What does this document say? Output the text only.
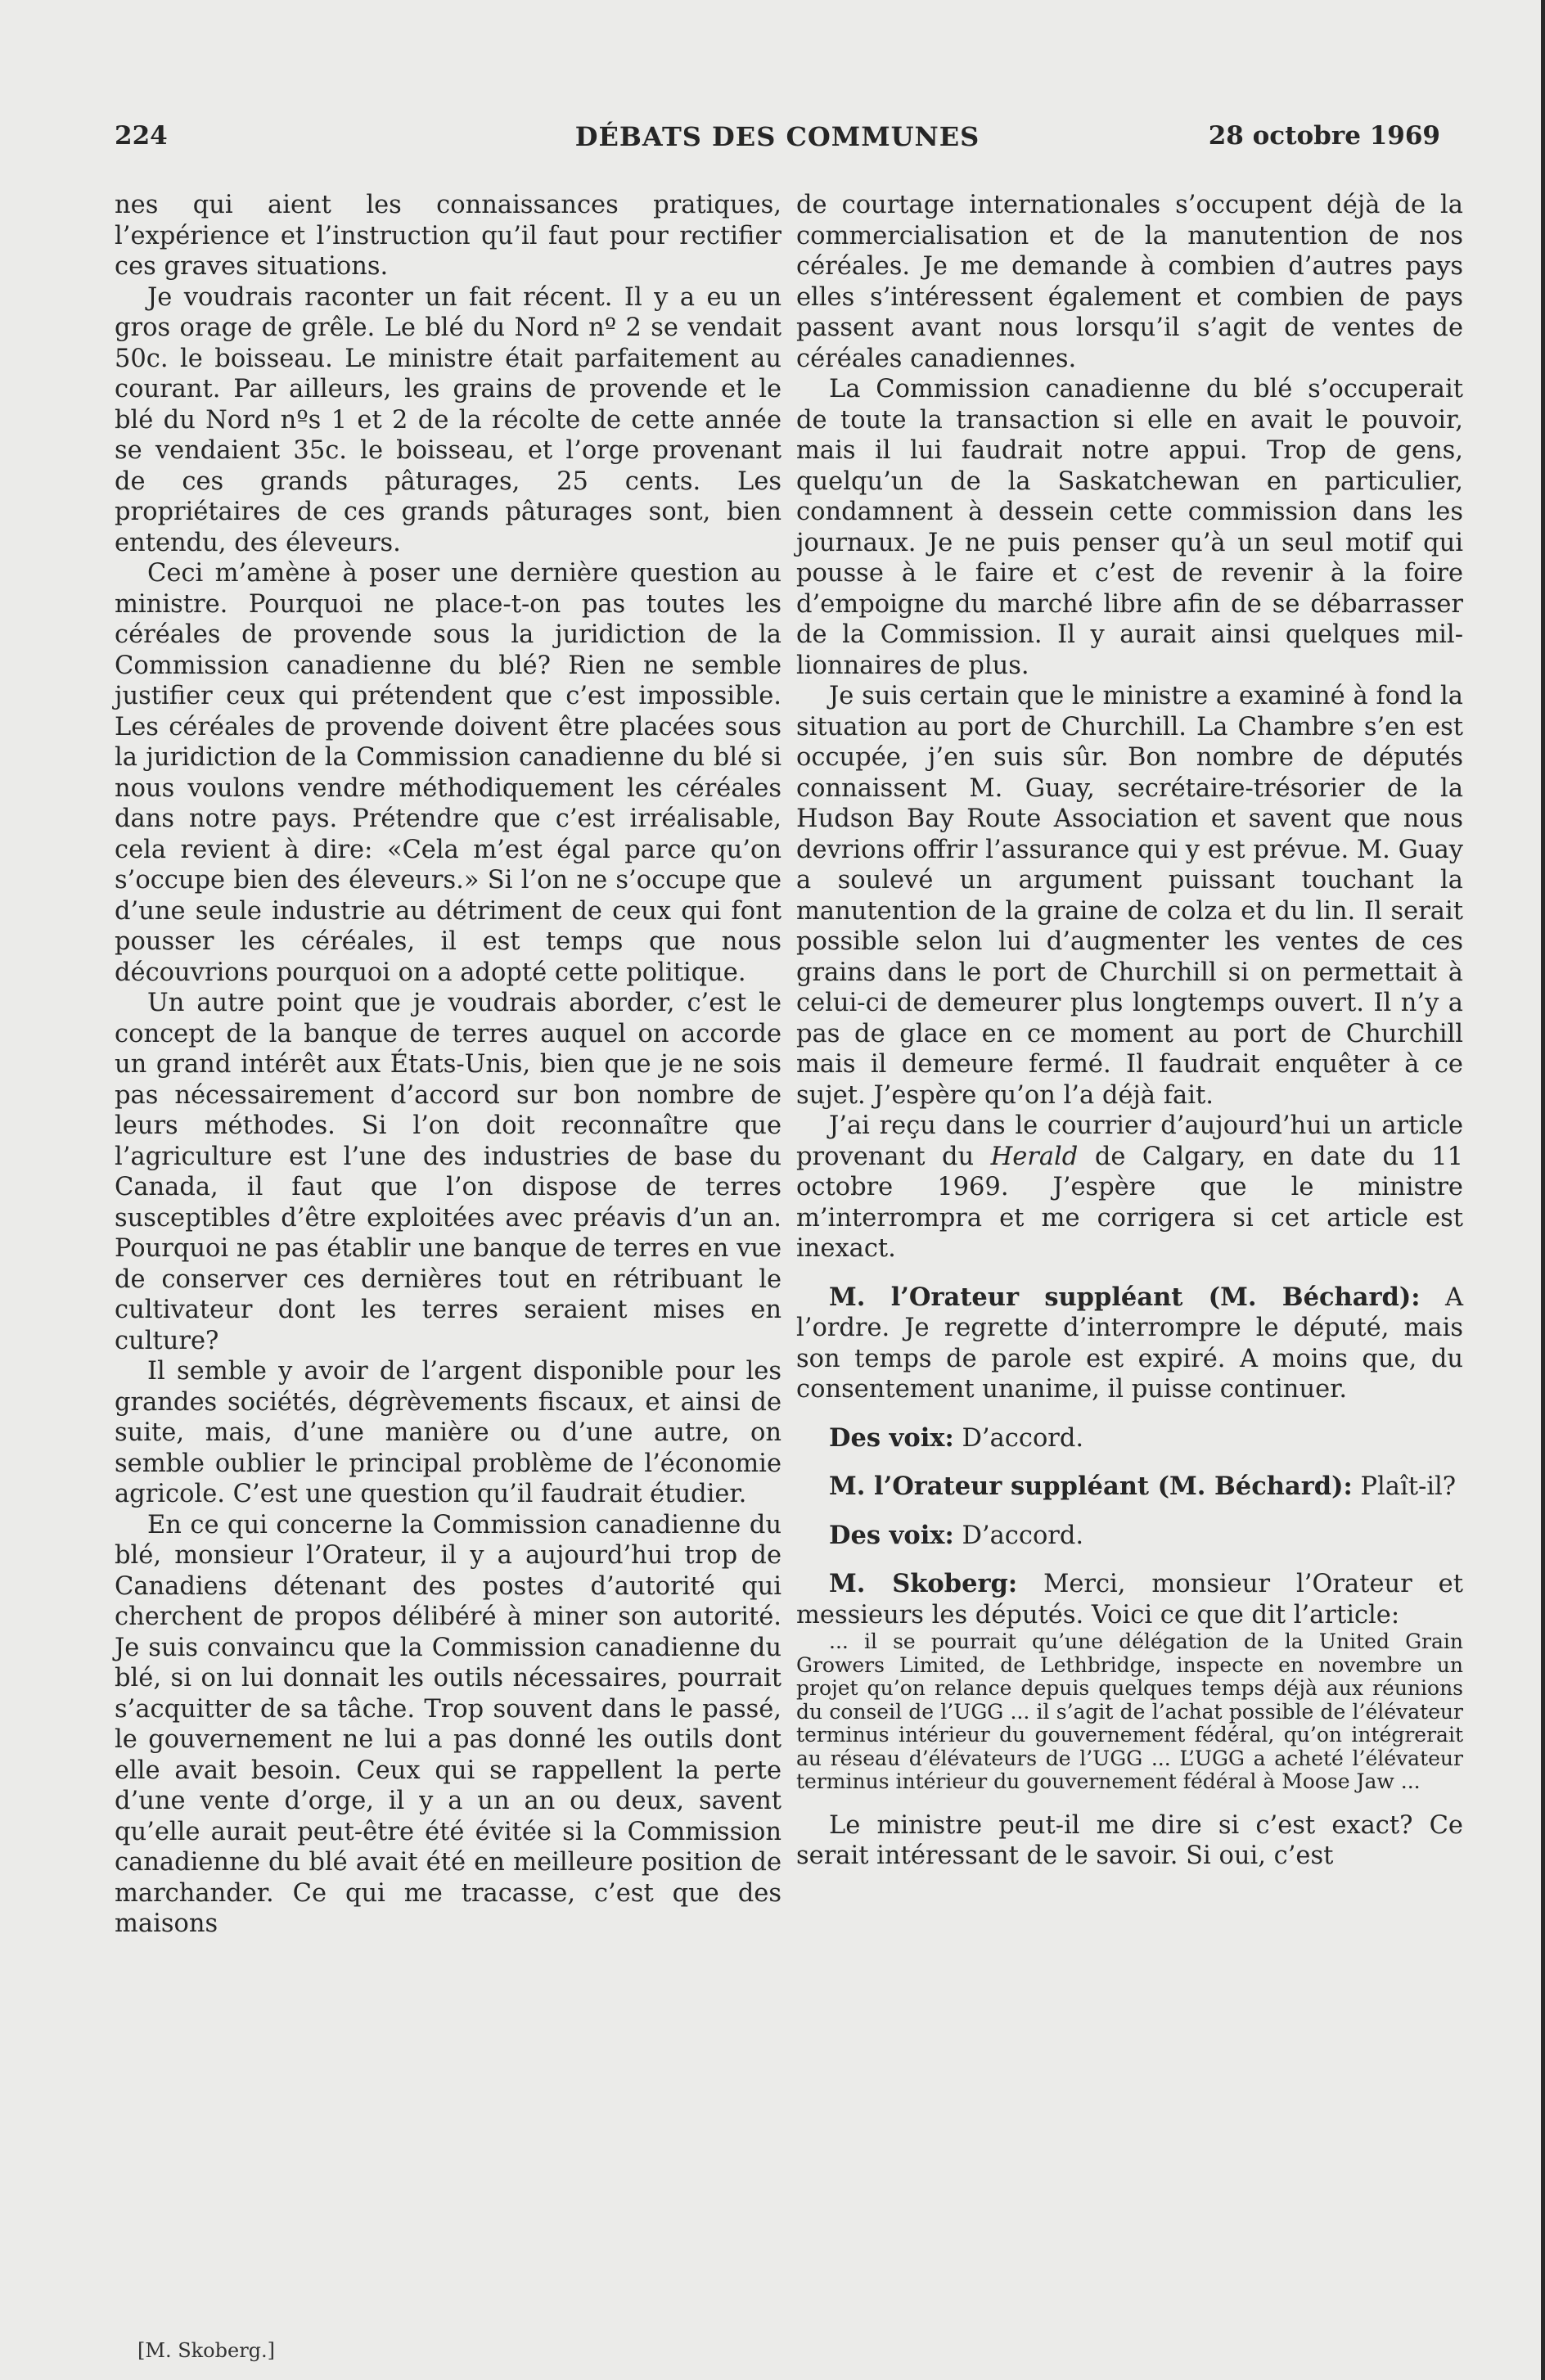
224	DÉBATS DES COMMUNES	28 octobre 1969

nes qui aient les connaissances pratiques, l’expérience et l’instruction qu’il faut pour rectifier ces graves situations.

Je voudrais raconter un fait récent. Il y a eu un gros orage de grêle. Le blé du Nord nº 2 se vendait 50c. le boisseau. Le ministre était parfaitement au courant. Par ailleurs, les grains de provende et le blé du Nord nºs 1 et 2 de la récolte de cette année se vendaient 35c. le boisseau, et l’orge provenant de ces grands pâturages, 25 cents. Les propriétaires de ces grands pâturages sont, bien entendu, des éleveurs.

Ceci m’amène à poser une dernière question au ministre. Pourquoi ne place-t-on pas toutes les céréales de provende sous la juridiction de la Commission canadienne du blé? Rien ne semble justifier ceux qui prétendent que c’est impossible. Les céréales de provende doivent être placées sous la juridiction de la Commission canadienne du blé si nous voulons vendre méthodiquement les céréales dans notre pays. Prétendre que c’est irréalisable, cela revient à dire: «Cela m’est égal parce qu’on s’occupe bien des éleveurs.» Si l’on ne s’occupe que d’une seule industrie au détriment de ceux qui font pousser les céréales, il est temps que nous découvrions pourquoi on a adopté cette politique.

Un autre point que je voudrais aborder, c’est le concept de la banque de terres auquel on accorde un grand intérêt aux États-Unis, bien que je ne sois pas nécessairement d’accord sur bon nombre de leurs méthodes. Si l’on doit reconnaître que l’agriculture est l’une des industries de base du Canada, il faut que l’on dispose de terres susceptibles d’être exploitées avec préavis d’un an. Pourquoi ne pas établir une banque de terres en vue de conserver ces dernières tout en rétribuant le cultivateur dont les terres seraient mises en culture?

Il semble y avoir de l’argent disponible pour les grandes sociétés, dégrèvements fiscaux, et ainsi de suite, mais, d’une manière ou d’une autre, on semble oublier le principal problème de l’économie agricole. C’est une question qu’il faudrait étudier.

En ce qui concerne la Commission canadienne du blé, monsieur l’Orateur, il y a aujourd’hui trop de Canadiens détenant des postes d’autorité qui cherchent de propos délibéré à miner son autorité. Je suis convaincu que la Commission canadienne du blé, si on lui donnait les outils nécessaires, pourrait s’acquitter de sa tâche. Trop souvent dans le passé, le gouvernement ne lui a pas donné les outils dont elle avait besoin. Ceux qui se rappellent la perte d’une vente d’orge, il y a un an ou deux, savent qu’elle aurait peut-être été évitée si la Commission canadienne du blé avait été en meilleure position de marchander. Ce qui me tracasse, c’est que des maisons

[M. Skoberg.]

de courtage internationales s’occupent déjà de la commercialisation et de la manutention de nos céréales. Je me demande à combien d’autres pays elles s’intéressent également et combien de pays passent avant nous lorsqu’il s’agit de ventes de céréales canadiennes.

La Commission canadienne du blé s’occuperait de toute la transaction si elle en avait le pouvoir, mais il lui faudrait notre appui. Trop de gens, quelqu’un de la Saskatchewan en particulier, condamnent à dessein cette commission dans les journaux. Je ne puis penser qu’à un seul motif qui pousse à le faire et c’est de revenir à la foire d’empoigne du marché libre afin de se débarrasser de la Commission. Il y aurait ainsi quelques millionnaires de plus.

Je suis certain que le ministre a examiné à fond la situation au port de Churchill. La Chambre s’en est occupée, j’en suis sûr. Bon nombre de députés connaissent M. Guay, secrétaire-trésorier de la Hudson Bay Route Association et savent que nous devrions offrir l’assurance qui y est prévue. M. Guay a soulevé un argument puissant touchant la manutention de la graine de colza et du lin. Il serait possible selon lui d’augmenter les ventes de ces grains dans le port de Churchill si on permettait à celui-ci de demeurer plus longtemps ouvert. Il n’y a pas de glace en ce moment au port de Churchill mais il demeure fermé. Il faudrait enquêter à ce sujet. J’espère qu’on l’a déjà fait.

J’ai reçu dans le courrier d’aujourd’hui un article provenant du Herald de Calgary, en date du 11 octobre 1969. J’espère que le ministre m’interrompra et me corrigera si cet article est inexact.

M. l’Orateur suppléant (M. Béchard): A l’ordre. Je regrette d’interrompre le député, mais son temps de parole est expiré. A moins que, du consentement unanime, il puisse continuer.

Des voix: D’accord.

M. l’Orateur suppléant (M. Béchard): Plaît-il?

Des voix: D’accord.

M. Skoberg: Merci, monsieur l’Orateur et messieurs les députés. Voici ce que dit l’article:

... il se pourrait qu’une délégation de la United Grain Growers Limited, de Lethbridge, inspecte en novembre un projet qu’on relance depuis quelques temps déjà aux réunions du conseil de l’UGG ... il s’agit de l’achat possible de l’élévateur terminus intérieur du gouvernement fédéral, qu’on intégrerait au réseau d’élévateurs de l’UGG ... L’UGG a acheté l’élévateur terminus intérieur du gouvernement fédéral à Moose Jaw ...

Le ministre peut-il me dire si c’est exact? Ce serait intéressant de le savoir. Si oui, c’est
